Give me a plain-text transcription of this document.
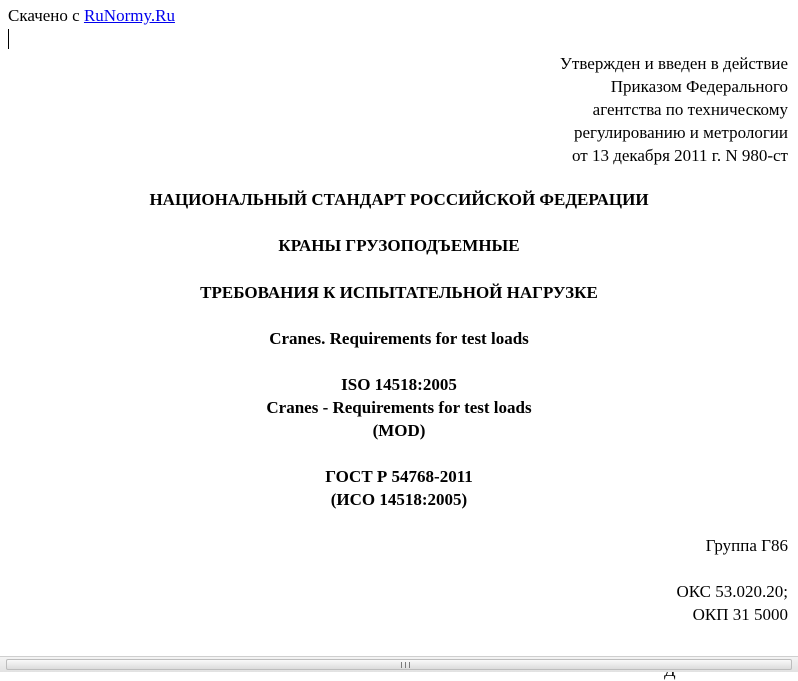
Скачено с RuNormy.Ru
Утвержден и введен в действие
Приказом Федерального
агентства по техническому
регулированию и метрологии
от 13 декабря 2011 г. N 980-ст
НАЦИОНАЛЬНЫЙ СТАНДАРТ РОССИЙСКОЙ ФЕДЕРАЦИИ
КРАНЫ ГРУЗОПОДЪЕМНЫЕ
ТРЕБОВАНИЯ К ИСПЫТАТЕЛЬНОЙ НАГРУЗКЕ
Cranes. Requirements for test loads
ISO 14518:2005
Cranes - Requirements for test loads
(MOD)
ГОСТ Р 54768-2011
(ИСО 14518:2005)
Группа Г86
ОКС 53.020.20;
ОКП 31 5000
